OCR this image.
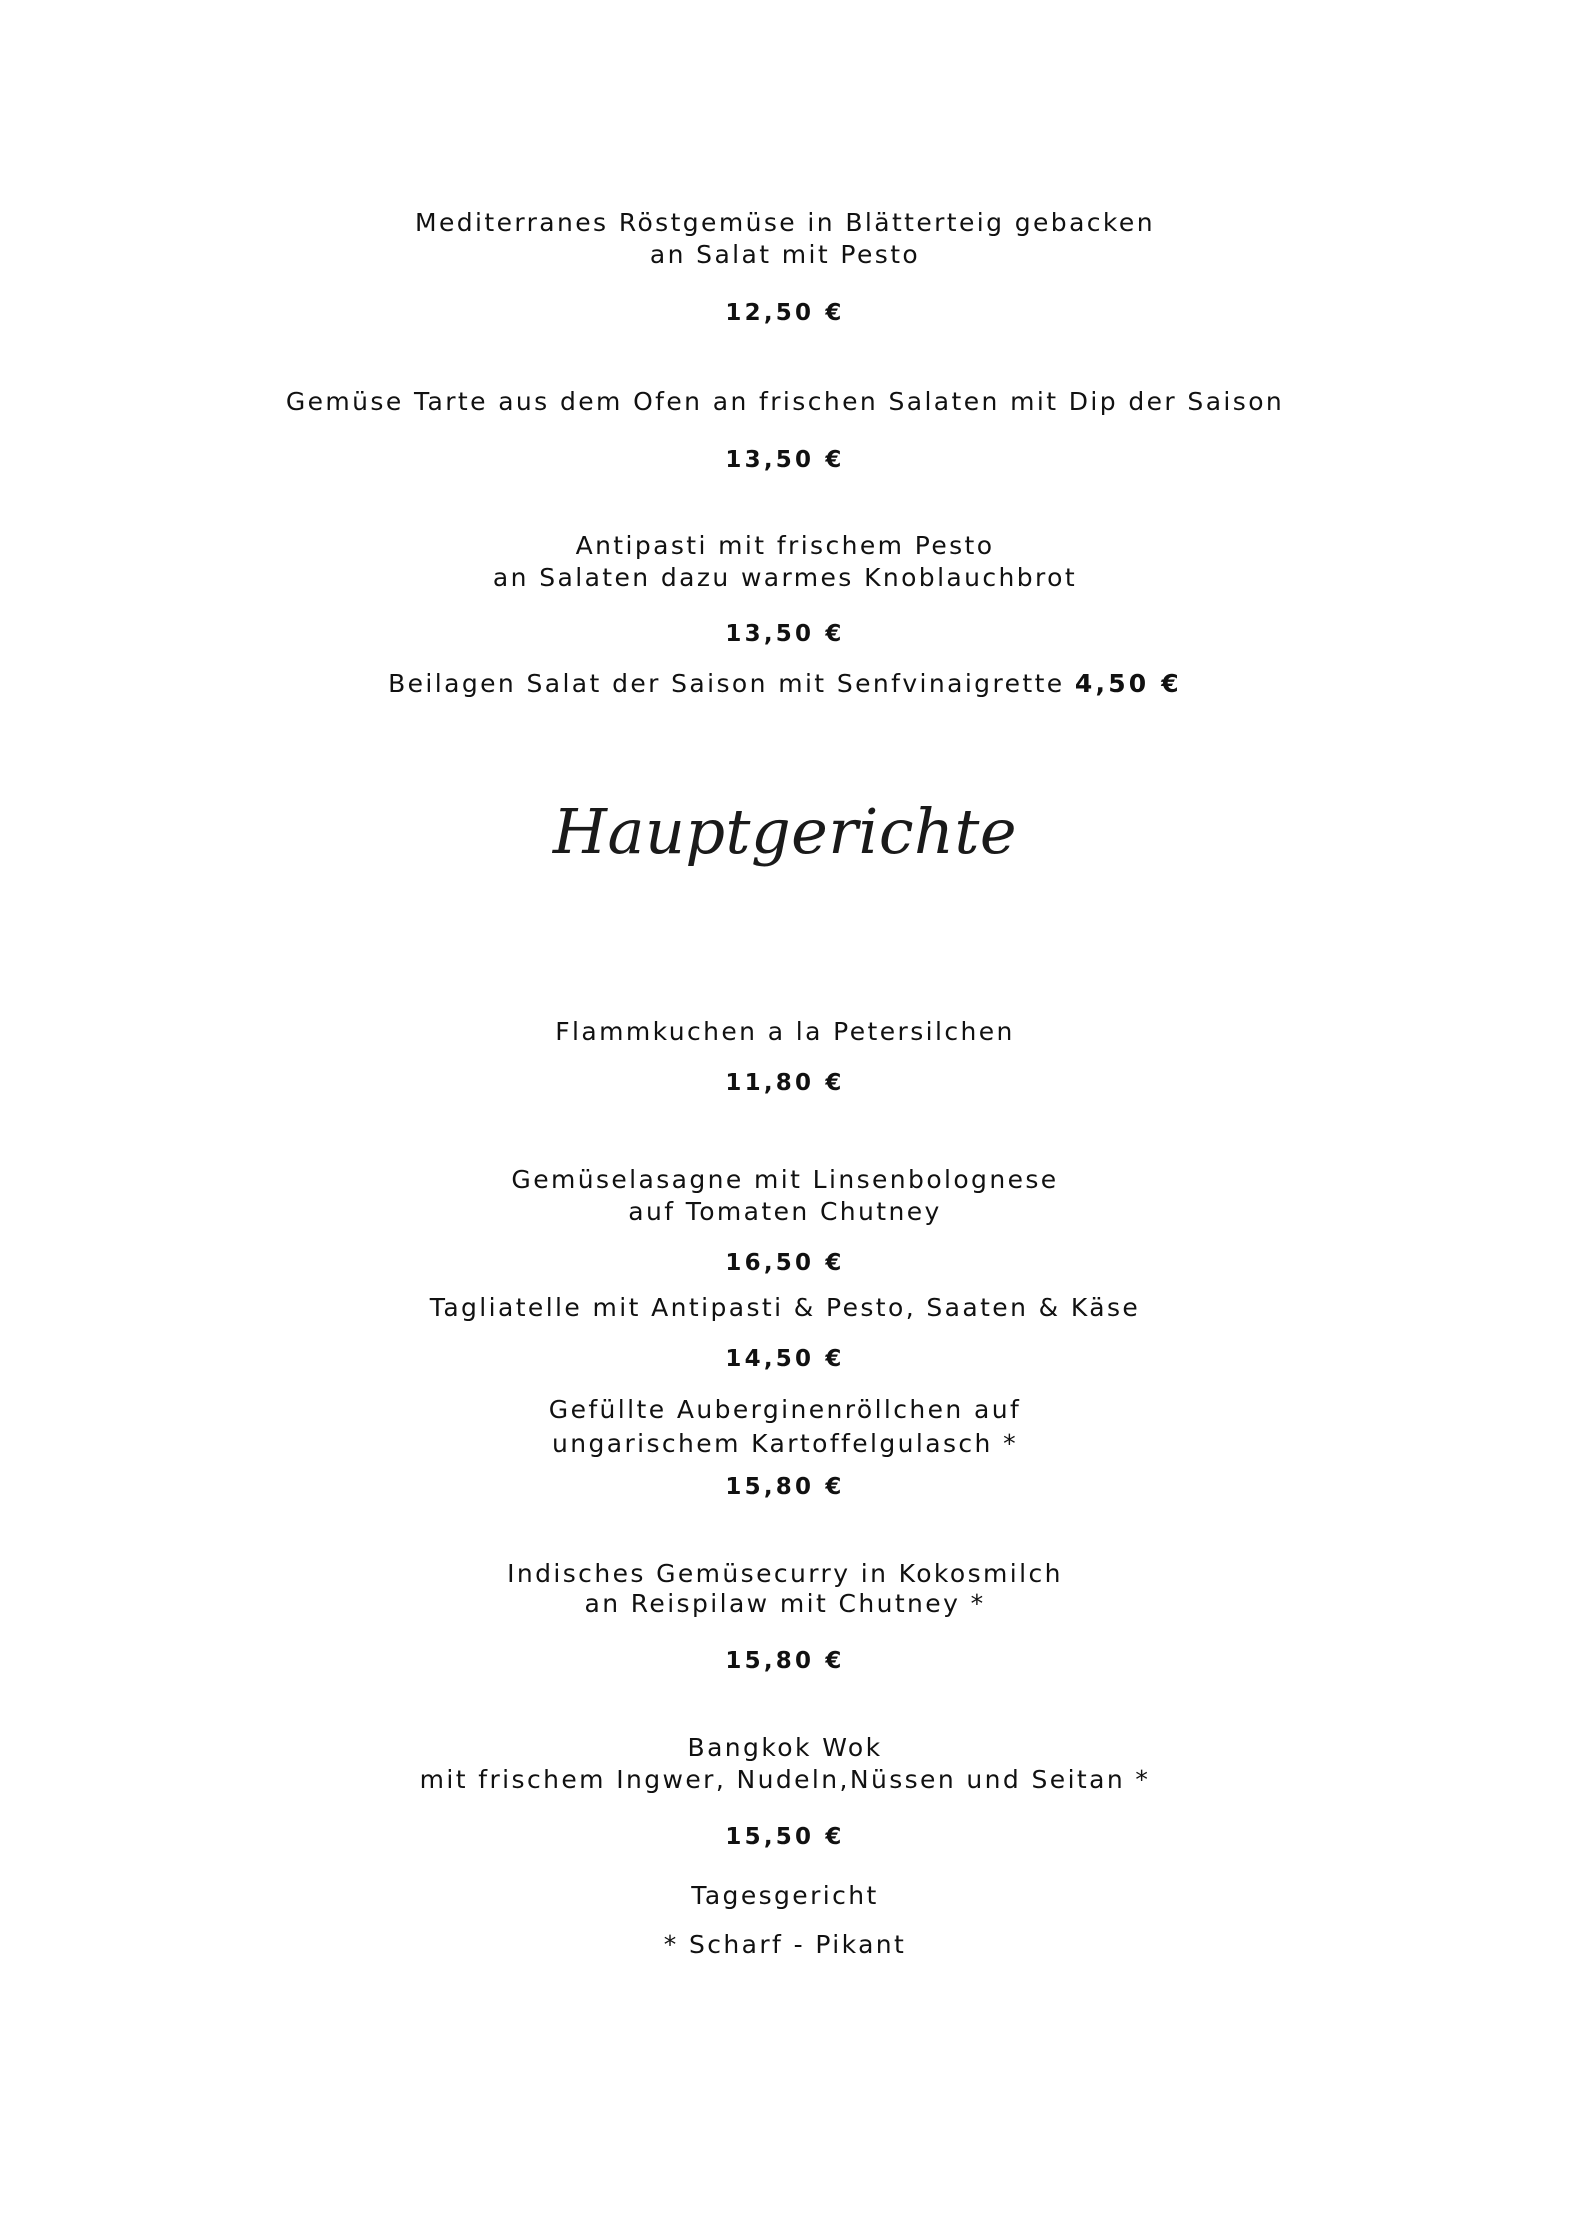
Mediterranes Röstgemüse in Blätterteig gebacken

an Salat mit Pesto

12,50 €

Gemüse Tarte aus dem Ofen an frischen Salaten mit Dip der Saison

13,50 €

Antipasti mit frischem Pesto

an Salaten dazu warmes Knoblauchbrot

13,50 €

Beilagen Salat der Saison mit Senfvinaigrette 4,50 €

Hauptgerichte

Flammkuchen a la Petersilchen

11,80 €

Gemüselasagne mit Linsenbolognese

auf Tomaten Chutney

16,50 €

Tagliatelle mit Antipasti & Pesto, Saaten & Käse

14,50 €

Gefüllte Auberginenröllchen auf

ungarischem Kartoffelgulasch *

15,80 €

Indisches Gemüsecurry in Kokosmilch

an Reispilaw mit Chutney *

15,80 €

Bangkok Wok

mit frischem Ingwer, Nudeln,Nüssen und Seitan *

15,50 €

Tagesgericht

* Scharf - Pikant
